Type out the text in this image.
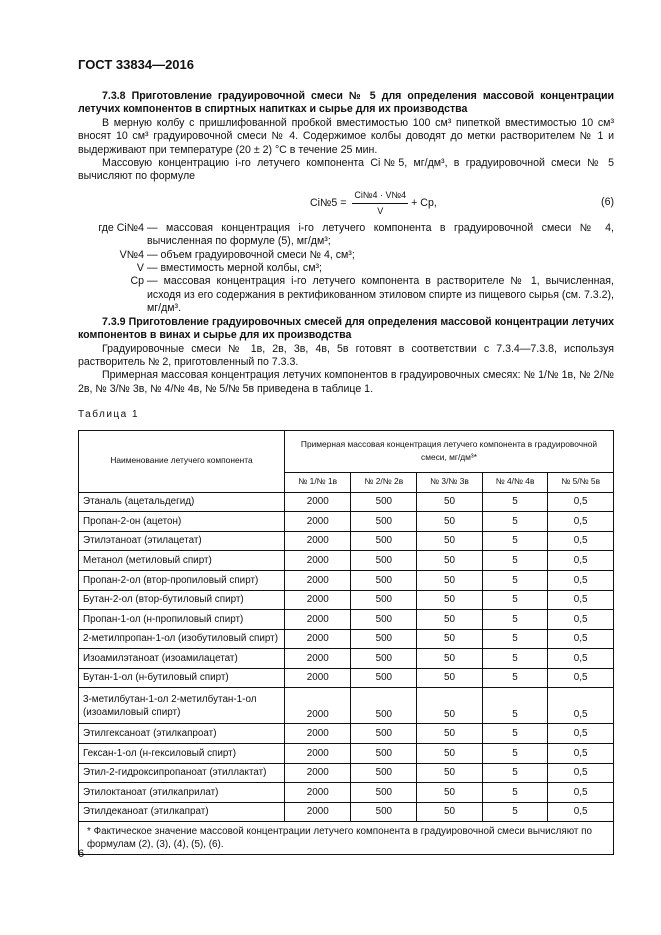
ГОСТ 33834—2016

7.3.8 Приготовление градуировочной смеси № 5 для определения массовой концентрации летучих компонентов в спиртных напитках и сырье для их производства

В мерную колбу с пришлифованной пробкой вместимостью 100 см³ пипеткой вместимостью 10 см³ вносят 10 см³ градуировочной смеси № 4. Содержимое колбы доводят до метки растворителем № 1 и выдерживают при температуре (20 ± 2) °С в течение 25 мин.

Массовую концентрацию i-го летучего компонента Ci№5, мг/дм³, в градуировочной смеси № 5 вычисляют по формуле

Ci№5 = $\frac{Ci№4 \cdot V№4}{V}$ + Cр,	(6)
где Ci№4 — массовая концентрация i-го летучего компонента в градуировочной смеси № 4, вычисленная по формуле (5), мг/дм³;
V№4 — объем градуировочной смеси № 4, см³;
V — вместимость мерной колбы, см³;
Cр — массовая концентрация i-го летучего компонента в растворителе № 1, вычисленная, исходя из его содержания в ректификованном этиловом спирте из пищевого сырья (см. 7.3.2), мг/дм³.

7.3.9 Приготовление градуировочных смесей для определения массовой концентрации летучих компонентов в винах и сырье для их производства

Градуировочные смеси № 1в, 2в, 3в, 4в, 5в готовят в соответствии с 7.3.4—7.3.8, используя растворитель № 2, приготовленный по 7.3.3.

Примерная массовая концентрация летучих компонентов в градуировочных смесях: № 1/№ 1в, № 2/№ 2в, № 3/№ 3в, № 4/№ 4в, № 5/№ 5в приведена в таблице 1.

Таблица 1
Наименование летучего компонента	Примерная массовая концентрация летучего компонента в градуировочной смеси, мг/дм³*				
	№ 1/№ 1в	№ 2/№ 2в	№ 3/№ 3в	№ 4/№ 4в	№ 5/№ 5в
Этаналь (ацетальдегид)	2000	500	50	5	0,5
Пропан-2-он (ацетон)	2000	500	50	5	0,5
Этилэтаноат (этилацетат)	2000	500	50	5	0,5
Метанол (метиловый спирт)	2000	500	50	5	0,5
Пропан-2-ол (втор-пропиловый спирт)	2000	500	50	5	0,5
Бутан-2-ол (втор-бутиловый спирт)	2000	500	50	5	0,5
Пропан-1-ол (н-пропиловый спирт)	2000	500	50	5	0,5
2-метилпропан-1-ол (изобутиловый спирт)	2000	500	50	5	0,5
Изоамилэтаноат (изоамилацетат)	2000	500	50	5	0,5
Бутан-1-ол (н-бутиловый спирт)	2000	500	50	5	0,5
3-метилбутан-1-ол 2-метилбутан-1-ол (изоамиловый спирт)	2000	500	50	5	0,5
Этилгексаноат (этилкапроат)	2000	500	50	5	0,5
Гексан-1-ол (н-гексиловый спирт)	2000	500	50	5	0,5
Этил-2-гидроксипропаноат (этиллактат)	2000	500	50	5	0,5
Этилоктаноат (этилкаприлат)	2000	500	50	5	0,5
Этилдеканоат (этилкапрат)	2000	500	50	5	0,5
* Фактическое значение массовой концентрации летучего компонента в градуировочной смеси вычисляют по формулам (2), (3), (4), (5), (6).
6
